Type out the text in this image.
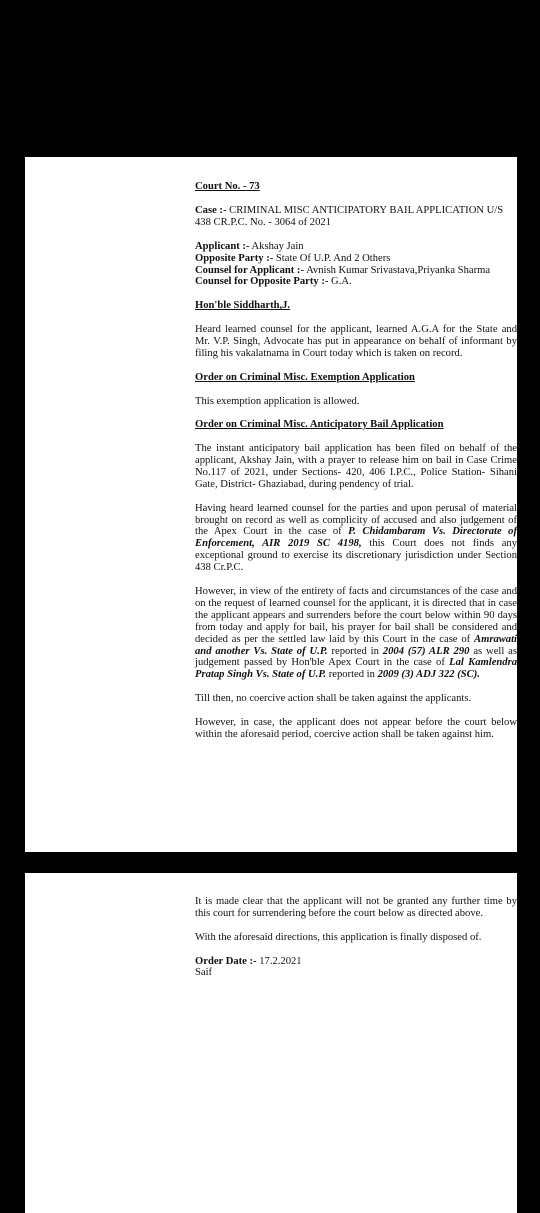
Court No. - 73

Case :- CRIMINAL MISC ANTICIPATORY BAIL APPLICATION U/S 438 CR.P.C. No. - 3064 of 2021

Applicant :- Akshay Jain
Opposite Party :- State Of U.P. And 2 Others
Counsel for Applicant :- Avnish Kumar Srivastava,Priyanka Sharma
Counsel for Opposite Party :- G.A.

Hon'ble Siddharth,J.

Heard learned counsel for the applicant, learned A.G.A for the State and Mr. V.P. Singh, Advocate has put in appearance on behalf of informant by filing his vakalatnama in Court today which is taken on record.

Order on Criminal Misc. Exemption Application

This exemption application is allowed.

Order on Criminal Misc. Anticipatory Bail Application

The instant anticipatory bail application has been filed on behalf of the applicant, Akshay Jain, with a prayer to release him on bail in Case Crime No.117 of 2021, under Sections- 420, 406 I.P.C., Police Station- Sihani Gate, District- Ghaziabad, during pendency of trial.

Having heard learned counsel for the parties and upon perusal of material brought on record as well as complicity of accused and also judgement of the Apex Court in the case of P. Chidambaram Vs. Directorate of Enforcement, AIR 2019 SC 4198, this Court does not finds any exceptional ground to exercise its discretionary jurisdiction under Section 438 Cr.P.C.

However, in view of the entirety of facts and circumstances of the case and on the request of learned counsel for the applicant, it is directed that in case the applicant appears and surrenders before the court below within 90 days from today and apply for bail, his prayer for bail shall be considered and decided as per the settled law laid by this Court in the case of Amrawati and another Vs. State of U.P. reported in 2004 (57) ALR 290 as well as judgement passed by Hon'ble Apex Court in the case of Lal Kamlendra Pratap Singh Vs. State of U.P. reported in 2009 (3) ADJ 322 (SC).

Till then, no coercive action shall be taken against the applicants.

However, in case, the applicant does not appear before the court below within the aforesaid period, coercive action shall be taken against him.

It is made clear that the applicant will not be granted any further time by this court for surrendering before the court below as directed above.

With the aforesaid directions, this application is finally disposed of.

Order Date :- 17.2.2021
Saif
